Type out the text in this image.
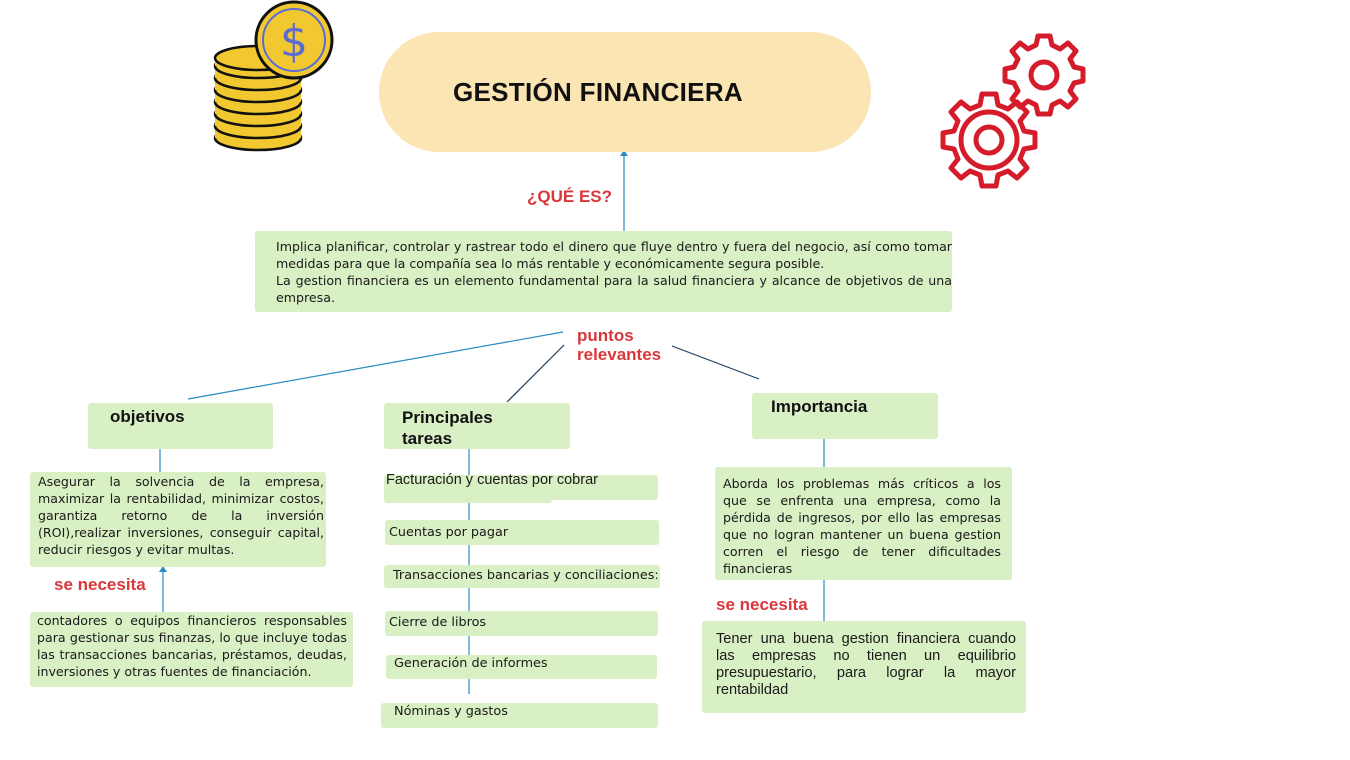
$
GESTIÓN FINANCIERA
¿QUÉ ES?
Implica planificar, controlar y rastrear todo el dinero que fluye dentro y fuera del negocio, así como tomar medidas para que la compañía sea lo más rentable y económicamente segura posible.
La gestion financiera es un elemento fundamental para la salud financiera y alcance de objetivos de una empresa.
puntos
relevantes
objetivos
Asegurar la solvencia de la empresa, maximizar la rentabilidad, minimizar costos, garantiza retorno de la inversión (ROI),realizar inversiones, conseguir capital, reducir riesgos y evitar multas.
se necesita
contadores o equipos financieros responsables para gestionar sus finanzas, lo que incluye todas las transacciones bancarias, préstamos, deudas, inversiones y otras fuentes de financiación.
Principales
tareas
Facturación y cuentas por cobrar
Cuentas por pagar
Transacciones bancarias y conciliaciones:
Cierre de libros
Generación de informes
Nóminas y gastos
Importancia
Aborda los problemas más críticos a los que se enfrenta una empresa, como la pérdida de ingresos, por ello las empresas que no logran mantener un buena gestion corren el riesgo de tener dificultades financieras
se necesita
Tener una buena gestion financiera cuando las empresas no tienen un equilibrio presupuestario, para lograr la mayor rentabildad
